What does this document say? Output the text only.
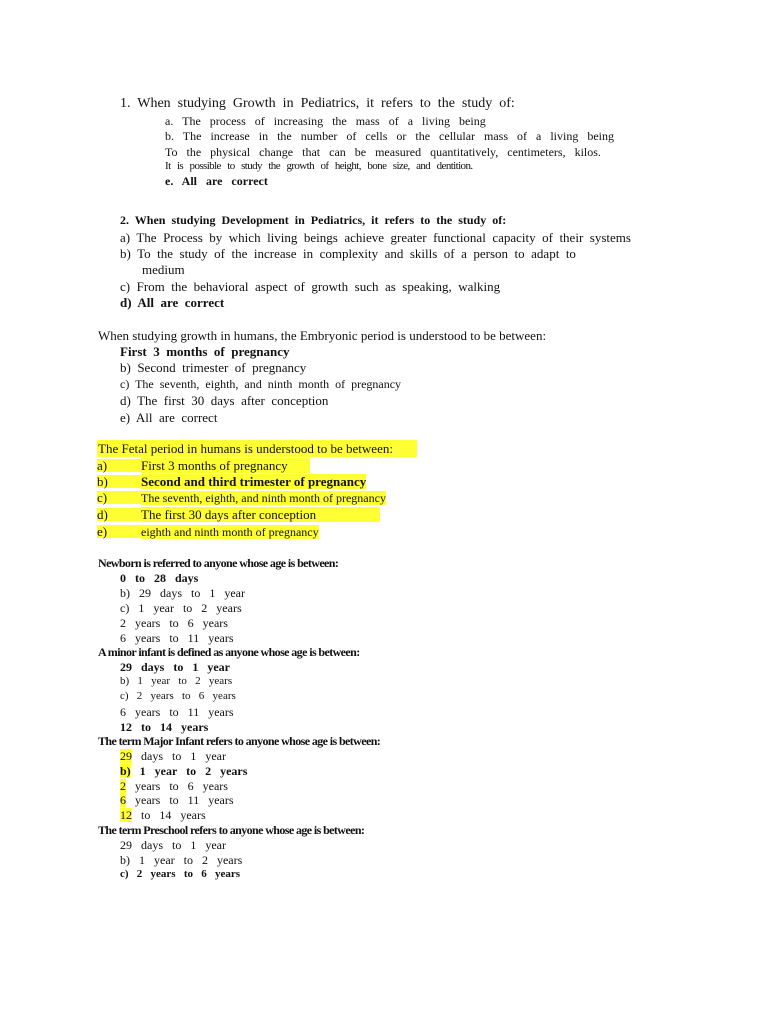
1.  When  studying  Growth  in  Pediatrics,  it  refers  to  the  study  of:
a.   The   process   of   increasing   the   mass   of   a   living   being
b.   The   increase   in   the   number   of   cells   or   the   cellular   mass   of   a   living   being
To   the   physical   change   that   can   be   measured   quantitatively,   centimeters,   kilos.
It   is   possible   to   study   the   growth   of   height,   bone   size,   and   dentition.
e.   All   are   correct
2.  When  studying  Development  in  Pediatrics,  it  refers  to  the  study  of:
a)  The  Process  by  which  living  beings  achieve  greater  functional  capacity  of  their  systems
b)  To  the  study  of  the  increase  in  complexity  and  skills  of  a  person  to  adapt  to
medium
c)  From  the  behavioral  aspect  of  growth  such  as  speaking,  walking
d)  All  are  correct
When studying growth in humans, the Embryonic period is understood to be between:
First  3  months  of  pregnancy
b)  Second  trimester  of  pregnancy
c)  The  seventh,  eighth,  and  ninth  month  of  pregnancy
d)  The  first  30  days  after  conception
e)  All  are  correct
The Fetal period in humans is understood to be between:
a)	First 3 months of pregnancy
b)	Second and third trimester of pregnancy
c)	The seventh, eighth, and ninth month of pregnancy
d)	The first 30 days after conception
e)	eighth and ninth month of pregnancy
Newborn is referred to anyone whose age is between:
0   to   28   days
b)   29   days   to   1   year
c)   1   year   to   2   years
2   years   to   6   years
6   years   to   11   years
A minor infant is defined as anyone whose age is between:
29   days   to   1   year
b)   1   year   to   2   years
c)   2   years   to   6   years
6   years   to   11   years
12   to   14   years
The term Major Infant refers to anyone whose age is between:
29   days   to   1   year
b)   1   year   to   2   years
2   years   to   6   years
6   years   to   11   years
12   to   14   years
The term Preschool refers to anyone whose age is between:
29   days   to   1   year
b)   1   year   to   2   years
c)   2   years   to   6   years
